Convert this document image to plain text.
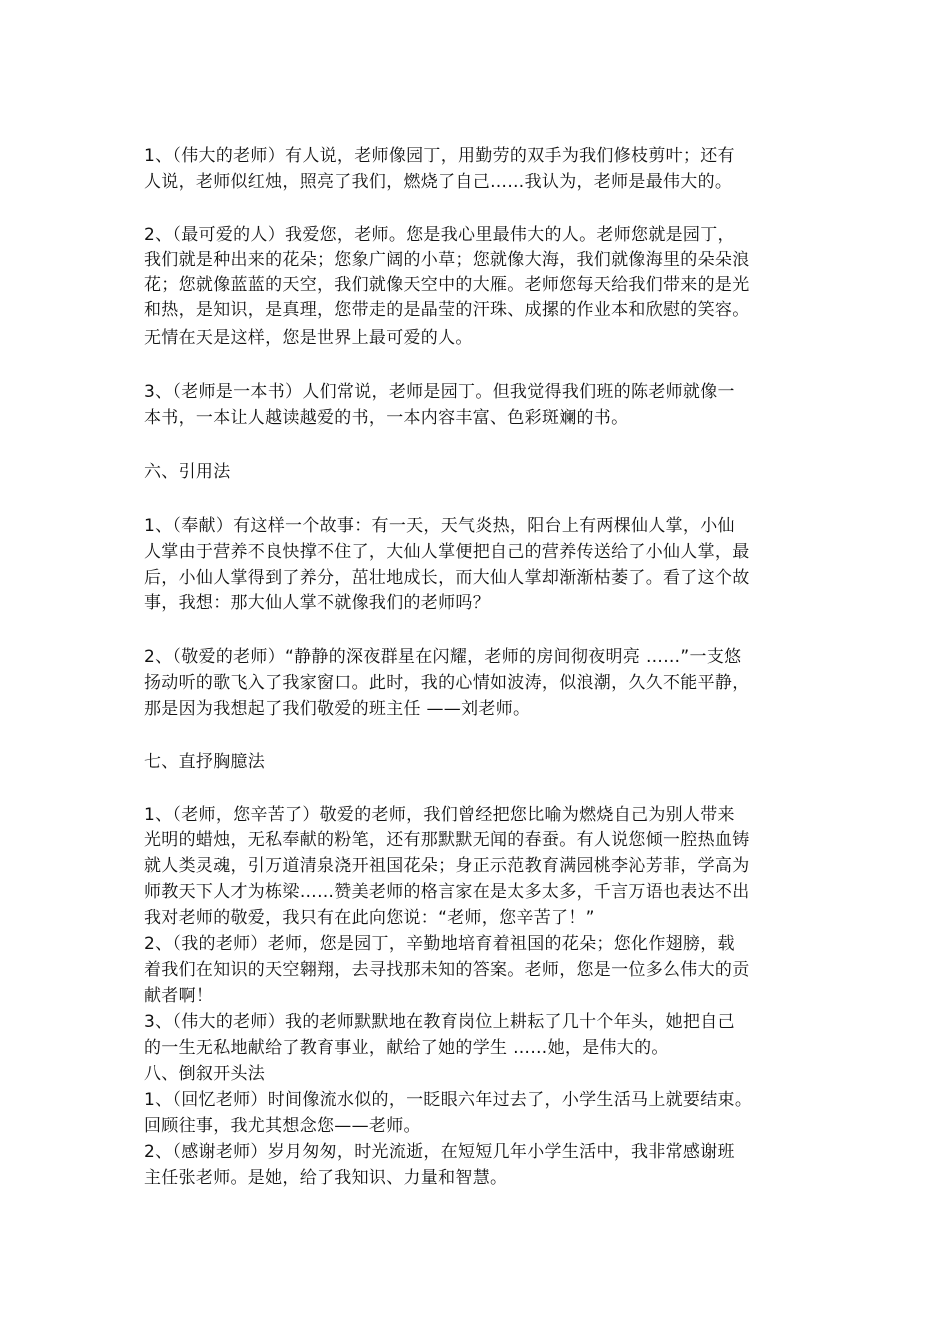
1、（伟大的老师）有人说，老师像园丁，用勤劳的双手为我们修枝剪叶；还有
人说，老师似红烛，照亮了我们，燃烧了自己……我认为，老师是最伟大的。
2、（最可爱的人）我爱您，老师。您是我心里最伟大的人。老师您就是园丁，
我们就是种出来的花朵；您象广阔的小草；您就像大海，我们就像海里的朵朵浪
花；您就像蓝蓝的天空，我们就像天空中的大雁。老师您每天给我们带来的是光
和热，是知识，是真理，您带走的是晶莹的汗珠、成摞的作业本和欣慰的笑容。
无情在天是这样，您是世界上最可爱的人。
3、（老师是一本书）人们常说，老师是园丁。但我觉得我们班的陈老师就像一
本书，一本让人越读越爱的书，一本内容丰富、色彩斑斓的书。
六、引用法
1、（奉献）有这样一个故事：有一天，天气炎热，阳台上有两棵仙人掌，小仙
人掌由于营养不良快撑不住了，大仙人掌便把自己的营养传送给了小仙人掌，最
后，小仙人掌得到了养分，茁壮地成长，而大仙人掌却渐渐枯萎了。看了这个故
事，我想：那大仙人掌不就像我们的老师吗？
2、（敬爱的老师）“静静的深夜群星在闪耀，老师的房间彻夜明亮 ……”一支悠
扬动听的歌飞入了我家窗口。此时，我的心情如波涛，似浪潮，久久不能平静，
那是因为我想起了我们敬爱的班主任 ——刘老师。
七、直抒胸臆法
1、（老师，您辛苦了）敬爱的老师，我们曾经把您比喻为燃烧自己为别人带来
光明的蜡烛，无私奉献的粉笔，还有那默默无闻的春蚕。有人说您倾一腔热血铸
就人类灵魂，引万道清泉浇开祖国花朵；身正示范教育满园桃李沁芳菲，学高为
师教天下人才为栋梁……赞美老师的格言家在是太多太多，千言万语也表达不出
我对老师的敬爱，我只有在此向您说：“老师，您辛苦了！”
2、（我的老师）老师，您是园丁，辛勤地培育着祖国的花朵；您化作翅膀，载
着我们在知识的天空翱翔，去寻找那未知的答案。老师，您是一位多么伟大的贡
献者啊！
3、（伟大的老师）我的老师默默地在教育岗位上耕耘了几十个年头，她把自己
的一生无私地献给了教育事业，献给了她的学生 ……她，是伟大的。
八、倒叙开头法
1、（回忆老师）时间像流水似的，一眨眼六年过去了，小学生活马上就要结束。
回顾往事，我尤其想念您——老师。
2、（感谢老师）岁月匆匆，时光流逝，在短短几年小学生活中，我非常感谢班
主任张老师。是她，给了我知识、力量和智慧。
